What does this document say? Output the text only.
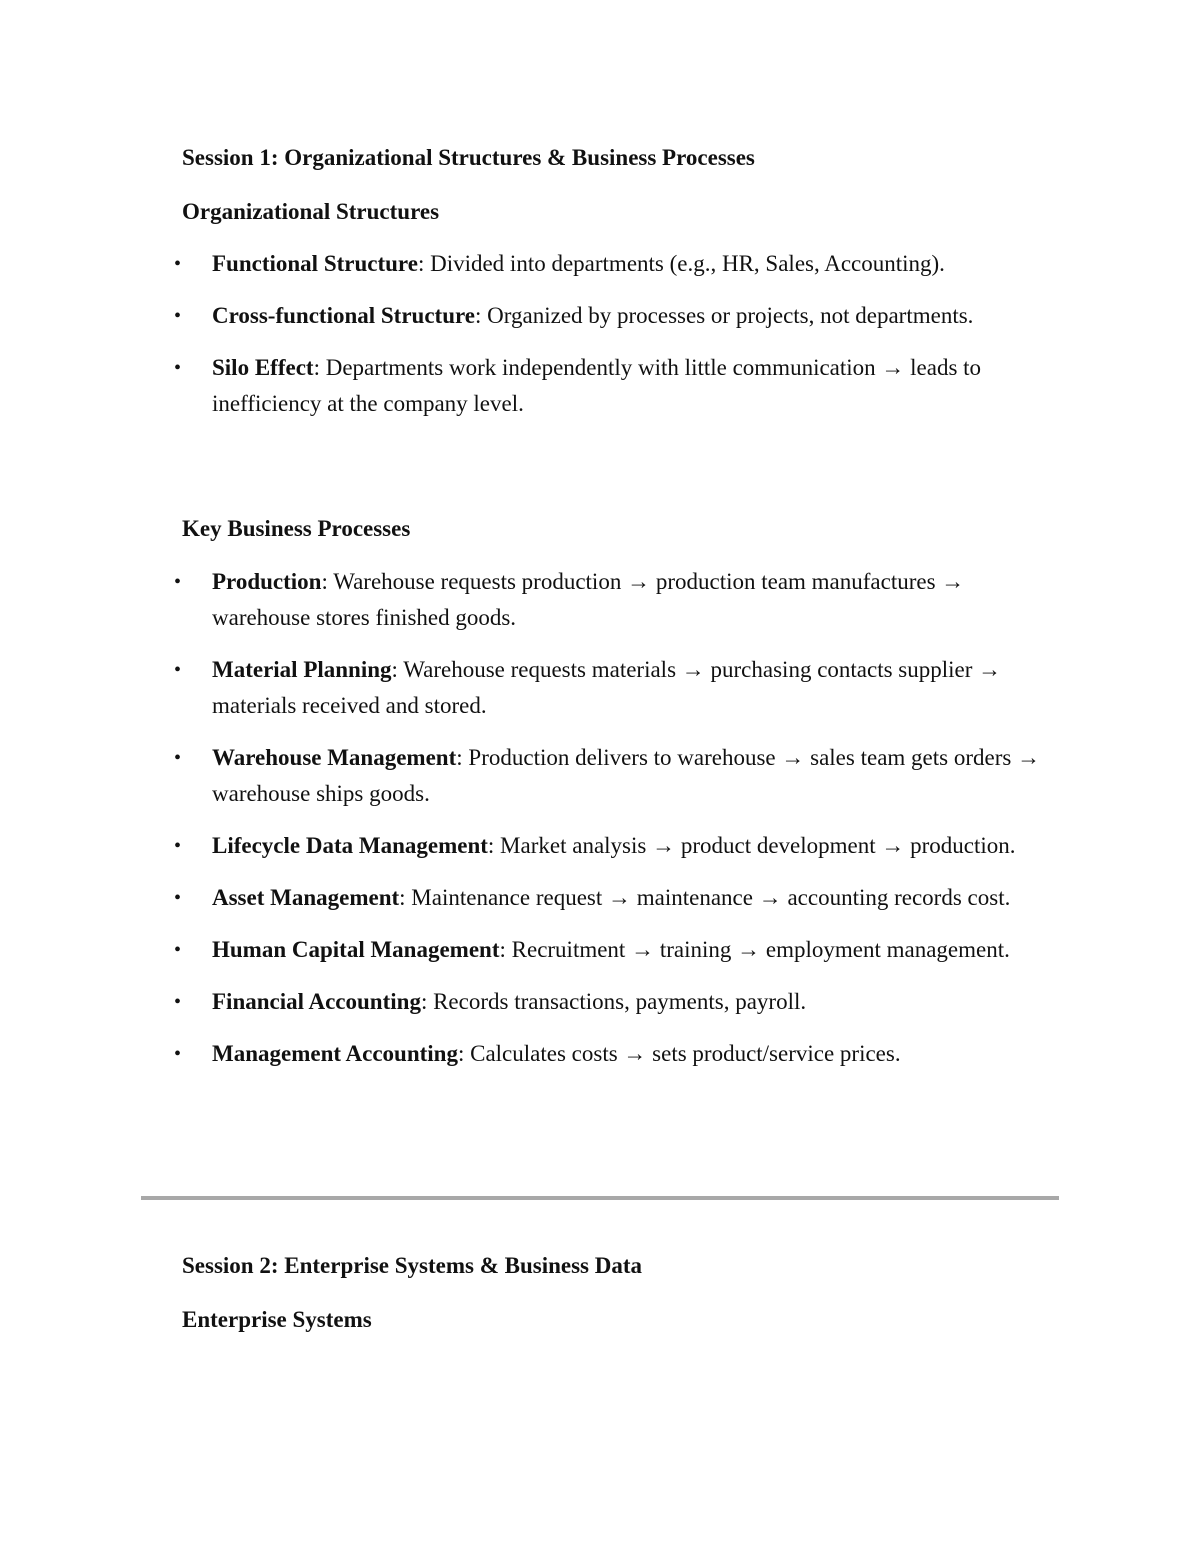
Session 1: Organizational Structures & Business Processes
Organizational Structures
• Functional Structure: Divided into departments (e.g., HR, Sales, Accounting).
• Cross-functional Structure: Organized by processes or projects, not departments.
• Silo Effect: Departments work independently with little communication → leads to inefficiency at the company level.
Key Business Processes
• Production: Warehouse requests production → production team manufactures → warehouse stores finished goods.
• Material Planning: Warehouse requests materials → purchasing contacts supplier → materials received and stored.
• Warehouse Management: Production delivers to warehouse → sales team gets orders → warehouse ships goods.
• Lifecycle Data Management: Market analysis → product development → production.
• Asset Management: Maintenance request → maintenance → accounting records cost.
• Human Capital Management: Recruitment → training → employment management.
• Financial Accounting: Records transactions, payments, payroll.
• Management Accounting: Calculates costs → sets product/service prices.
Session 2: Enterprise Systems & Business Data
Enterprise Systems
